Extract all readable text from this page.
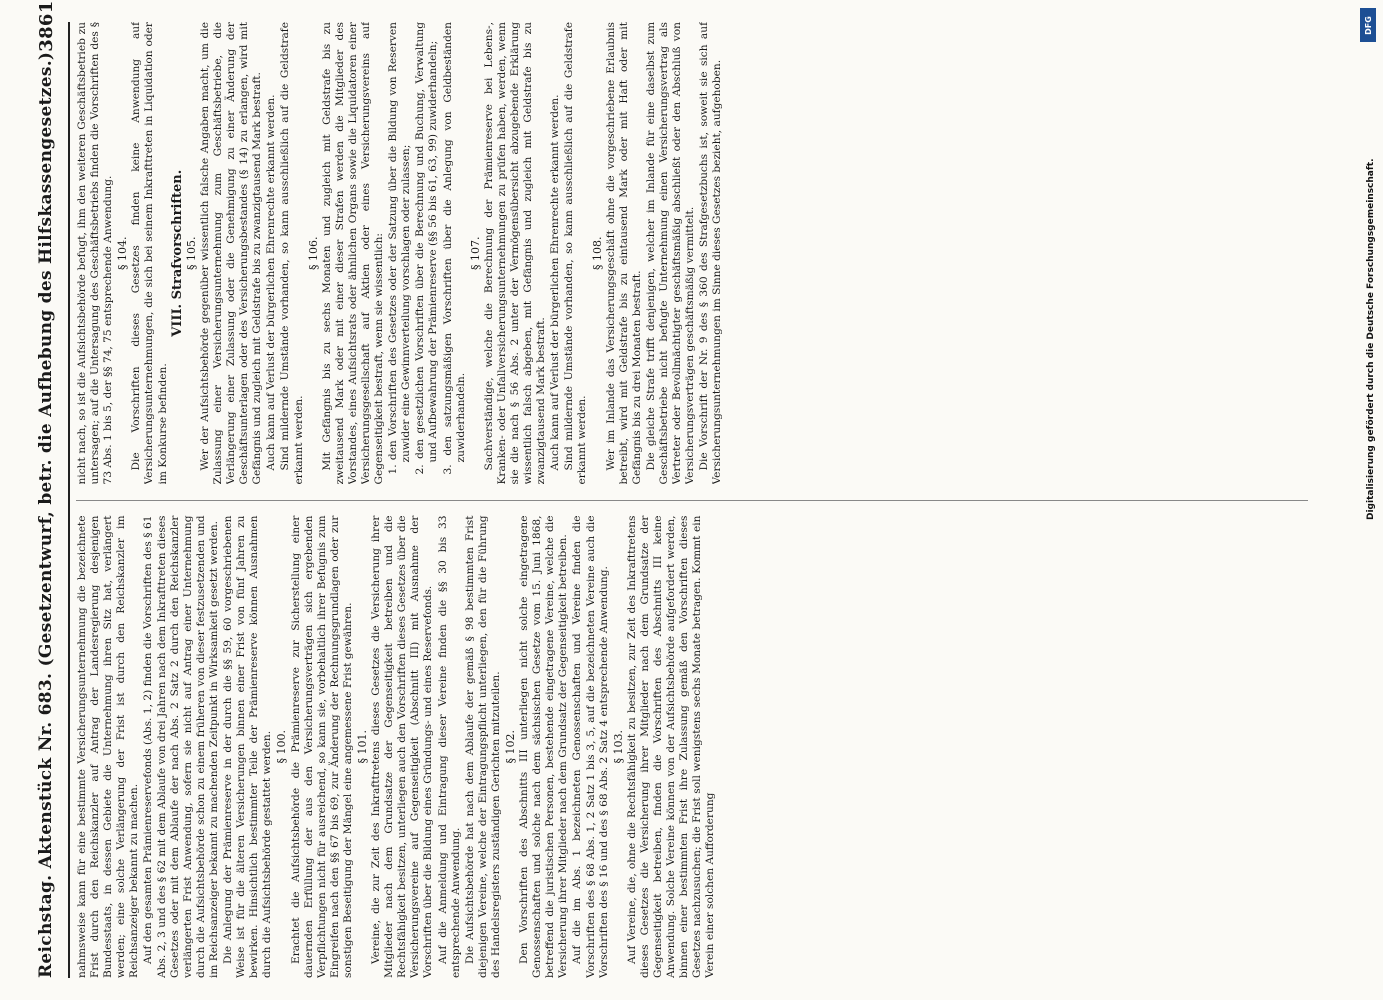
Reichstag. Aktenstück Nr. 683. (Gesetzentwurf, betr. die Aufhebung des Hilfskassengesetzes.)
3861

nahmsweise kann für eine bestimmte Versicherungsunternehmung die bezeichnete Frist durch den Reichskanzler auf Antrag der Landesregierung desjenigen Bundesstaats, in dessen Gebiete die Unternehmung ihren Sitz hat, verlängert werden; eine solche Verlängerung der Frist ist durch den Reichskanzler im Reichsanzeiger bekannt zu machen. Auf den gesamten Prämienreservefonds (Abs. 1, 2) finden die Vorschriften des § 61 Abs. 2, 3 und des § 62 mit dem Ablaufe von drei Jahren nach dem Inkrafttreten dieses Gesetzes oder mit dem Ablaufe der nach Abs. 2 Satz 2 durch den Reichskanzler verlängerten Frist Anwendung, sofern sie nicht auf Antrag einer Unternehmung durch die Aufsichtsbehörde schon zu einem früheren von dieser festzusetzenden und im Reichsanzeiger bekannt zu machenden Zeitpunkt in Wirksamkeit gesetzt werden. Die Anlegung der Prämienreserve in der durch die §§ 59, 60 vorgeschriebenen Weise ist für die älteren Versicherungen binnen einer Frist von fünf Jahren zu bewirken. Hinsichtlich bestimmter Teile der Prämienreserve können Ausnahmen durch die Aufsichtsbehörde gestattet werden. § 100. Erachtet die Aufsichtsbehörde die Prämienreserve zur Sicherstellung einer dauernden Erfüllung der aus den Versicherungsverträgen sich ergebenden Verpflichtungen nicht für ausreichend, so kann sie, vorbehaltlich ihrer Befugnis zum Eingreifen nach den §§ 67 bis 69, zur Änderung der Rechnungsgrundlagen oder zur sonstigen Beseitigung der Mängel eine angemessene Frist gewähren. § 101. Vereine, die zur Zeit des Inkrafttretens dieses Gesetzes die Versicherung ihrer Mitglieder nach dem Grundsatze der Gegenseitigkeit betreiben und die Rechtsfähigkeit besitzen, unterliegen auch den Vorschriften dieses Gesetzes über die Versicherungsvereine auf Gegenseitigkeit (Abschnitt III) mit Ausnahme der Vorschriften über die Bildung eines Gründungs- und eines Reservefonds. Auf die Anmeldung und Eintragung dieser Vereine finden die §§ 30 bis 33 entsprechende Anwendung. Die Aufsichtsbehörde hat nach dem Ablaufe der gemäß § 98 bestimmten Frist diejenigen Vereine, welche der Eintragungspflicht unterliegen, den für die Führung des Handelsregisters zuständigen Gerichten mitzuteilen. § 102. Den Vorschriften des Abschnitts III unterliegen nicht solche eingetragene Genossenschaften und solche nach dem sächsischen Gesetze vom 15. Juni 1868, betreffend die juristischen Personen, bestehende eingetragene Vereine, welche die Versicherung ihrer Mitglieder nach dem Grundsatz der Gegenseitigkeit betreiben. Auf die im Abs. 1 bezeichneten Genossenschaften und Vereine finden die Vorschriften des § 68 Abs. 1, 2 Satz 1 bis 3, 5, auf die bezeichneten Vereine auch die Vorschriften des § 16 und des § 68 Abs. 2 Satz 4 entsprechende Anwendung. § 103. Auf Vereine, die, ohne die Rechtsfähigkeit zu besitzen, zur Zeit des Inkrafttretens dieses Gesetzes die Versicherung ihrer Mitglieder nach dem Grundsatze der Gegenseitigkeit betreiben, finden die Vorschriften des Abschnitts III keine Anwendung. Solche Vereine können von der Aufsichtsbehörde aufgefordert werden, binnen einer bestimmten Frist ihre Zulassung gemäß den Vorschriften dieses Gesetzes nachzusuchen; die Frist soll wenigstens sechs Monate betragen. Kommt ein Verein einer solchen Aufforderung

nicht nach, so ist die Aufsichtsbehörde befugt, ihm den weiteren Geschäftsbetrieb zu untersagen; auf die Untersagung des Geschäftsbetriebs finden die Vorschriften des § 73 Abs. 1 bis 5, der §§ 74, 75 entsprechende Anwendung. § 104. Die Vorschriften dieses Gesetzes finden keine Anwendung auf Versicherungsunternehmungen, die sich bei seinem Inkrafttreten in Liquidation oder im Konkurse befinden.

VIII. Strafvorschriften. § 105. Wer der Aufsichtsbehörde gegenüber wissentlich falsche Angaben macht, um die Zulassung einer Versicherungsunternehmung zum Geschäftsbetriebe, die Verlängerung einer Zulassung oder die Genehmigung zu einer Änderung der Geschäftsunterlagen oder des Versicherungsbestandes (§ 14) zu erlangen, wird mit Gefängnis und zugleich mit Geldstrafe bis zu zwanzigtausend Mark bestraft. Auch kann auf Verlust der bürgerlichen Ehrenrechte erkannt werden. Sind mildernde Umstände vorhanden, so kann ausschließlich auf die Geldstrafe erkannt werden.

§ 106. Mit Gefängnis bis zu sechs Monaten und zugleich mit Geldstrafe bis zu zweitausend Mark oder mit einer dieser Strafen werden die Mitglieder des Vorstandes, eines Aufsichtsrats oder ähnlichen Organs sowie die Liquidatoren einer Versicherungsgesellschaft auf Aktien oder eines Versicherungsvereins auf Gegenseitigkeit bestraft, wenn sie wissentlich: 1. den Vorschriften des Gesetzes oder der Satzung über die Bildung von Reserven zuwider eine Gewinnverteilung vorschlagen oder zulassen; 2. den gesetzlichen Vorschriften über die Berechnung und Buchung, Verwaltung und Aufbewahrung der Prämienreserve (§§ 56 bis 61, 63, 99) zuwiderhandeln; 3. den satzungsmäßigen Vorschriften über die Anlegung von Geldbeständen zuwiderhandeln.

§ 107. Sachverständige, welche die Berechnung der Prämienreserve bei Lebens-, Kranken- oder Unfallversicherungsunternehmungen zu prüfen haben, werden, wenn sie die nach § 56 Abs. 2 unter der Vermögensübersicht abzugebende Erklärung wissentlich falsch abgeben, mit Gefängnis und zugleich mit Geldstrafe bis zu zwanzigtausend Mark bestraft. Auch kann auf Verlust der bürgerlichen Ehrenrechte erkannt werden. Sind mildernde Umstände vorhanden, so kann ausschließlich auf die Geldstrafe erkannt werden.

§ 108. Wer im Inlande das Versicherungsgeschäft ohne die vorgeschriebene Erlaubnis betreibt, wird mit Geldstrafe bis zu eintausend Mark oder mit Haft oder mit Gefängnis bis zu drei Monaten bestraft. Die gleiche Strafe trifft denjenigen, welcher im Inlande für eine daselbst zum Geschäftsbetriebe nicht befugte Unternehmung einen Versicherungsvertrag als Vertreter oder Bevollmächtigter geschäftsmäßig abschließt oder den Abschluß von Versicherungsverträgen geschäftsmäßig vermittelt. Die Vorschrift der Nr. 9 des § 360 des Strafgesetzbuchs ist, soweit sie sich auf Versicherungsunternehmungen im Sinne dieses Gesetzes bezieht, aufgehoben.

DFG
Digitalisierung gefördert durch die Deutsche Forschungsgemeinschaft.
